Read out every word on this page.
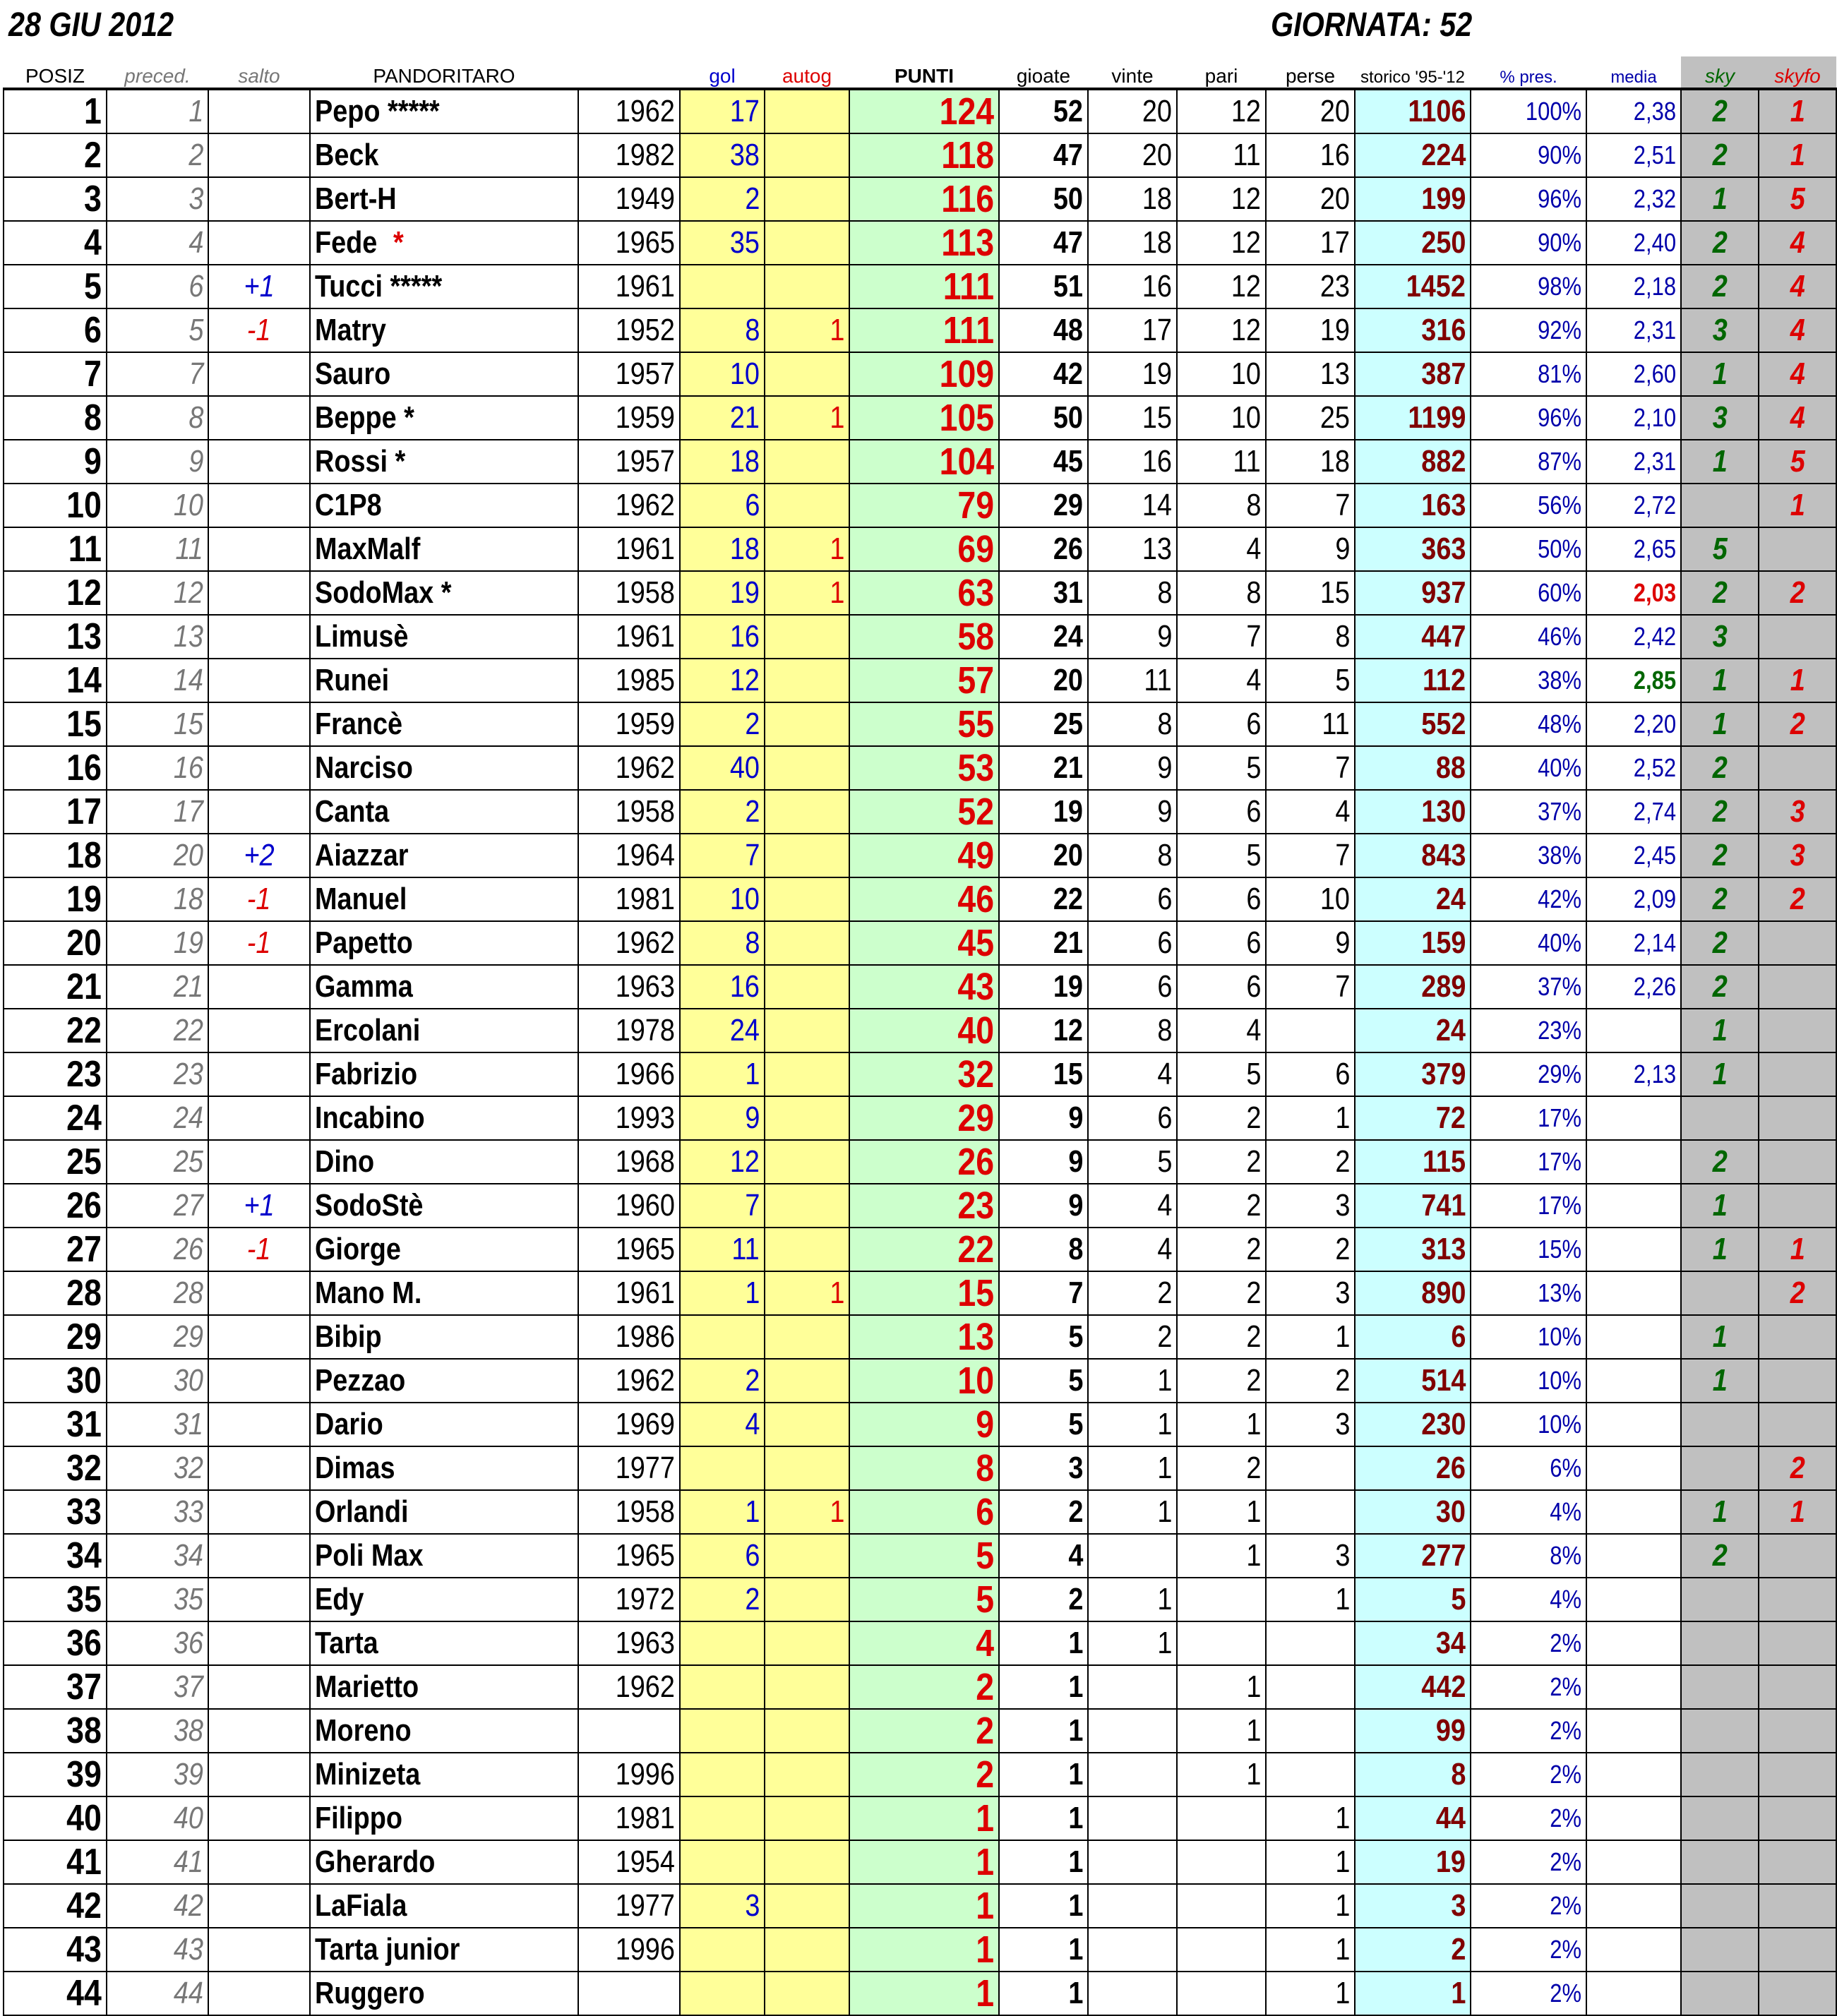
28 GIU 2012	GIORNATA: 52
POSIZ	preced.	salto	PANDORITARO		gol	autog	PUNTI	gioate	vinte	pari	perse	storico '95-'12	% pres.	media	sky	skyfo
1	1		Pepo *****	1962	17		124	52	20	12	20	1106	100%	2,38	2	1
2	2		Beck	1982	38		118	47	20	11	16	224	90%	2,51	2	1
3	3		Bert-H	1949	2		116	50	18	12	20	199	96%	2,32	1	5
4	4		Fede *	1965	35		113	47	18	12	17	250	90%	2,40	2	4
5	6	+1	Tucci *****	1961			111	51	16	12	23	1452	98%	2,18	2	4
6	5	-1	Matry	1952	8	1	111	48	17	12	19	316	92%	2,31	3	4
7	7		Sauro	1957	10		109	42	19	10	13	387	81%	2,60	1	4
8	8		Beppe *	1959	21	1	105	50	15	10	25	1199	96%	2,10	3	4
9	9		Rossi *	1957	18		104	45	16	11	18	882	87%	2,31	1	5
10	10		C1P8	1962	6		79	29	14	8	7	163	56%	2,72		1
11	11		MaxMalf	1961	18	1	69	26	13	4	9	363	50%	2,65	5	
12	12		SodoMax *	1958	19	1	63	31	8	8	15	937	60%	2,03	2	2
13	13		Limusè	1961	16		58	24	9	7	8	447	46%	2,42	3	
14	14		Runei	1985	12		57	20	11	4	5	112	38%	2,85	1	1
15	15		Francè	1959	2		55	25	8	6	11	552	48%	2,20	1	2
16	16		Narciso	1962	40		53	21	9	5	7	88	40%	2,52	2	
17	17		Canta	1958	2		52	19	9	6	4	130	37%	2,74	2	3
18	20	+2	Aiazzar	1964	7		49	20	8	5	7	843	38%	2,45	2	3
19	18	-1	Manuel	1981	10		46	22	6	6	10	24	42%	2,09	2	2
20	19	-1	Papetto	1962	8		45	21	6	6	9	159	40%	2,14	2	
21	21		Gamma	1963	16		43	19	6	6	7	289	37%	2,26	2	
22	22		Ercolani	1978	24		40	12	8	4		24	23%		1	
23	23		Fabrizio	1966	1		32	15	4	5	6	379	29%	2,13	1	
24	24		Incabino	1993	9		29	9	6	2	1	72	17%			
25	25		Dino	1968	12		26	9	5	2	2	115	17%		2	
26	27	+1	SodoStè	1960	7		23	9	4	2	3	741	17%		1	
27	26	-1	Giorge	1965	11		22	8	4	2	2	313	15%		1	1
28	28		Mano M.	1961	1	1	15	7	2	2	3	890	13%			2
29	29		Bibip	1986			13	5	2	2	1	6	10%		1	
30	30		Pezzao	1962	2		10	5	1	2	2	514	10%		1	
31	31		Dario	1969	4		9	5	1	1	3	230	10%			
32	32		Dimas	1977			8	3	1	2		26	6%			2
33	33		Orlandi	1958	1	1	6	2	1	1		30	4%		1	1
34	34		Poli Max	1965	6		5	4		1	3	277	8%		2	
35	35		Edy	1972	2		5	2	1		1	5	4%			
36	36		Tarta	1963			4	1	1			34	2%			
37	37		Marietto	1962			2	1		1		442	2%			
38	38		Moreno				2	1		1		99	2%			
39	39		Minizeta	1996			2	1		1		8	2%			
40	40		Filippo	1981			1	1			1	44	2%			
41	41		Gherardo	1954			1	1			1	19	2%			
42	42		LaFiala	1977	3		1	1			1	3	2%			
43	43		Tarta junior	1996			1	1			1	2	2%			
44	44		Ruggero				1	1			1	1	2%			
